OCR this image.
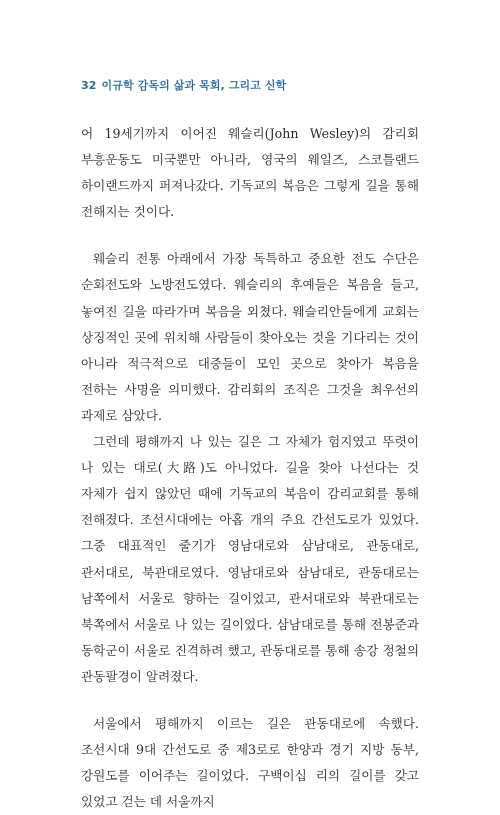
32 이규학 감독의 삶과 목회, 그리고 신학

어 19세기까지 이어진 웨슬리(John Wesley)의 감리회 부흥운동도 미국뿐만 아니라, 영국의 웨일즈, 스코틀랜드 하이랜드까지 퍼져나갔다. 기독교의 복음은 그렇게 길을 통해 전해지는 것이다.

웨슬리 전통 아래에서 가장 독특하고 중요한 전도 수단은 순회전도와 노방전도였다. 웨슬리의 후예들은 복음을 들고, 놓여진 길을 따라가며 복음을 외쳤다. 웨슬리안들에게 교회는 상징적인 곳에 위치해 사람들이 찾아오는 것을 기다리는 것이 아니라 적극적으로 대중들이 모인 곳으로 찾아가 복음을 전하는 사명을 의미했다. 감리회의 조직은 그것을 최우선의 과제로 삼았다.

그런데 평해까지 나 있는 길은 그 자체가 험지였고 뚜렷이 나 있는 대로(大路)도 아니었다. 길을 찾아 나선다는 것 자체가 쉽지 않았던 때에 기독교의 복음이 감리교회를 통해 전해졌다. 조선시대에는 아홉 개의 주요 간선도로가 있었다. 그중 대표적인 줄기가 영남대로와 삼남대로, 관동대로, 관서대로, 북관대로였다. 영남대로와 삼남대로, 관동대로는 남쪽에서 서울로 향하는 길이었고, 관서대로와 북관대로는 북쪽에서 서울로 나 있는 길이었다. 삼남대로를 통해 전봉준과 동학군이 서울로 진격하려 했고, 관동대로를 통해 송강 정철의 관동팔경이 알려졌다.

서울에서 평해까지 이르는 길은 관동대로에 속했다. 조선시대 9대 간선도로 중 제3로로 한양과 경기 지방 동부, 강원도를 이어주는 길이었다. 구백이십 리의 길이를 갖고 있었고 걷는 데 서울까지
